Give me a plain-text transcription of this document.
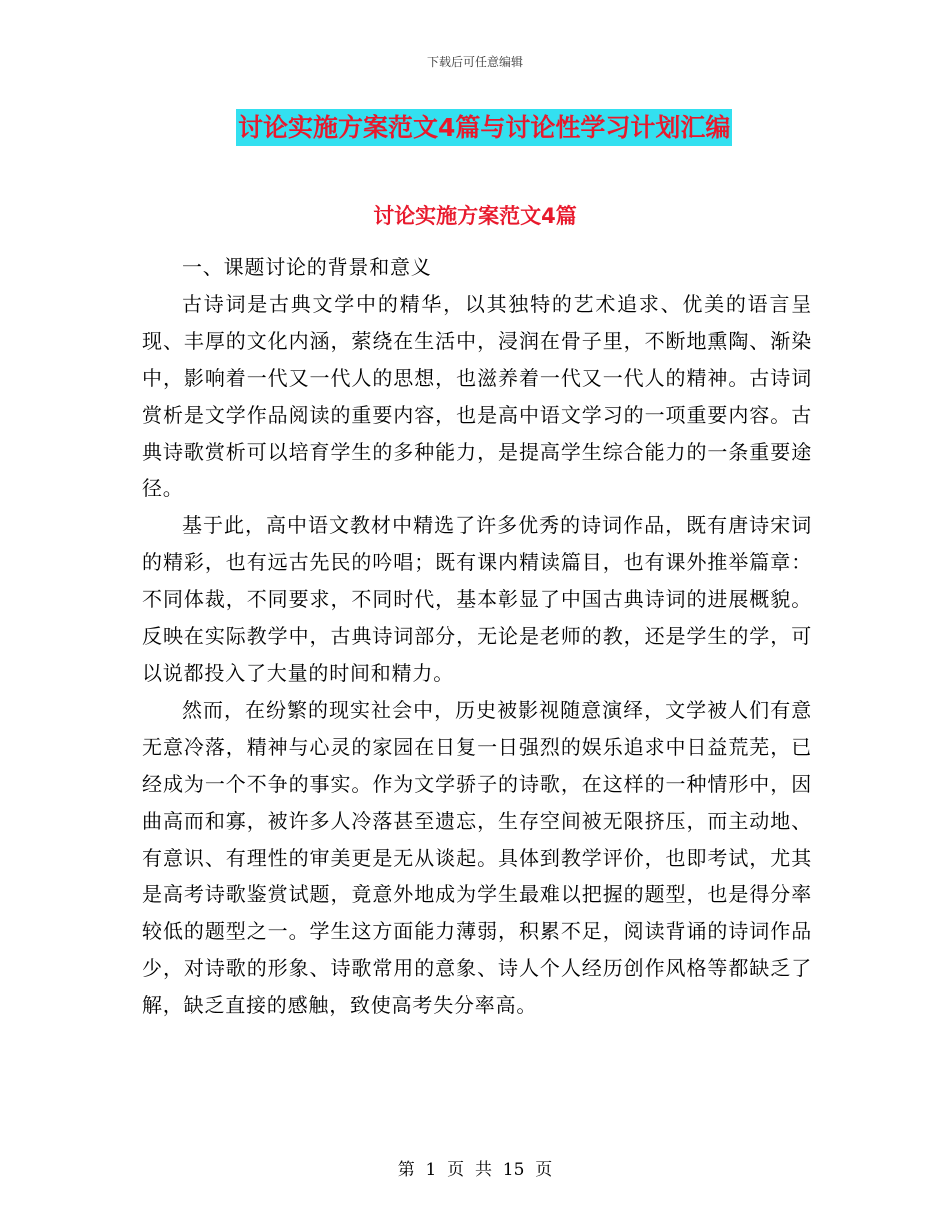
下载后可任意编辑
讨论实施方案范文4篇与讨论性学习计划汇编
讨论实施方案范文4篇

一、课题讨论的背景和意义

古诗词是古典文学中的精华，以其独特的艺术追求、优美的语言呈现、丰厚的文化内涵，萦绕在生活中，浸润在骨子里，不断地熏陶、渐染中，影响着一代又一代人的思想，也滋养着一代又一代人的精神。古诗词赏析是文学作品阅读的重要内容，也是高中语文学习的一项重要内容。古典诗歌赏析可以培育学生的多种能力，是提高学生综合能力的一条重要途径。

基于此，高中语文教材中精选了许多优秀的诗词作品，既有唐诗宋词的精彩，也有远古先民的吟唱；既有课内精读篇目，也有课外推举篇章：不同体裁，不同要求，不同时代，基本彰显了中国古典诗词的进展概貌。反映在实际教学中，古典诗词部分，无论是老师的教，还是学生的学，可以说都投入了大量的时间和精力。

然而，在纷繁的现实社会中，历史被影视随意演绎，文学被人们有意无意冷落，精神与心灵的家园在日复一日强烈的娱乐追求中日益荒芜，已经成为一个不争的事实。作为文学骄子的诗歌，在这样的一种情形中，因曲高而和寡，被许多人冷落甚至遗忘，生存空间被无限挤压，而主动地、有意识、有理性的审美更是无从谈起。具体到教学评价，也即考试，尤其是高考诗歌鉴赏试题，竟意外地成为学生最难以把握的题型，也是得分率较低的题型之一。学生这方面能力薄弱，积累不足，阅读背诵的诗词作品少，对诗歌的形象、诗歌常用的意象、诗人个人经历创作风格等都缺乏了解，缺乏直接的感触，致使高考失分率高。

第  1  页  共  15  页
